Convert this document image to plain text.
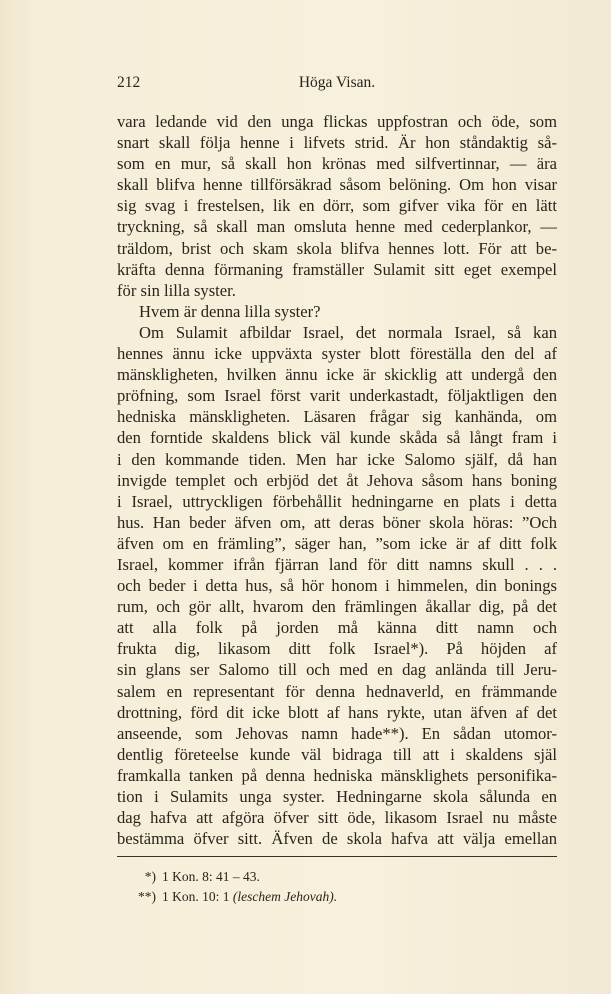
212	Höga Visan.
vara ledande vid den unga flickas uppfostran och öde, som
snart skall följa henne i lifvets strid. Är hon ståndaktig så-
som en mur, så skall hon krönas med silfvertinnar, — ära
skall blifva henne tillförsäkrad såsom belöning. Om hon visar
sig svag i frestelsen, lik en dörr, som gifver vika för en lätt
tryckning, så skall man omsluta henne med cederplankor, —
träldom, brist och skam skola blifva hennes lott. För att be-
kräfta denna förmaning framställer Sulamit sitt eget exempel
för sin lilla syster.
Hvem är denna lilla syster?
Om Sulamit afbildar Israel, det normala Israel, så kan
hennes ännu icke uppväxta syster blott föreställa den del af
mänskligheten, hvilken ännu icke är skicklig att undergå den
pröfning, som Israel först varit underkastadt, följaktligen den
hedniska mänskligheten. Läsaren frågar sig kanhända, om
den forntide skaldens blick väl kunde skåda så långt fram i
i den kommande tiden. Men har icke Salomo själf, då han
invigde templet och erbjöd det åt Jehova såsom hans boning
i Israel, uttryckligen förbehållit hedningarne en plats i detta
hus. Han beder äfven om, att deras böner skola höras: ”Och
äfven om en främling”, säger han, ”som icke är af ditt folk
Israel, kommer ifrån fjärran land för ditt namns skull . . .
och beder i detta hus, så hör honom i himmelen, din bonings
rum, och gör allt, hvarom den främlingen åkallar dig, på det
att alla folk på jorden må känna ditt namn och
frukta dig, likasom ditt folk Israel*). På höjden af
sin glans ser Salomo till och med en dag anlända till Jeru-
salem en representant för denna hednaverld, en främmande
drottning, förd dit icke blott af hans rykte, utan äfven af det
anseende, som Jehovas namn hade**). En sådan utomor-
dentlig företeelse kunde väl bidraga till att i skaldens själ
framkalla tanken på denna hedniska mänsklighets personifika-
tion i Sulamits unga syster. Hedningarne skola sålunda en
dag hafva att afgöra öfver sitt öde, likasom Israel nu måste
bestämma öfver sitt. Äfven de skola hafva att välja emellan
*) 1 Kon. 8: 41 – 43.
**) 1 Kon. 10: 1 (leschem Jehovah).
